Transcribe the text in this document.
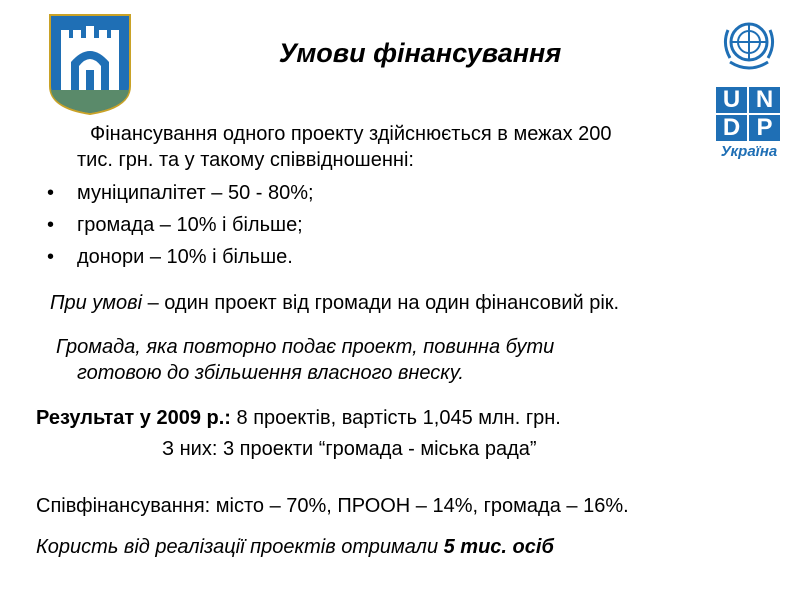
Умови фінансування
U N
D P
Україна
Фінансування одного проекту здійснюється в межах 200
тис. грн. та у такому співвідношенні:
• муніципалітет – 50 - 80%;
• громада – 10% і більше;
• донори – 10% і більше.
При умові – один проект від громади на один фінансовий рік.
Громада, яка повторно подає проект, повинна бути
готовою до збільшення власного внеску.
Результат у 2009 р.: 8 проектів, вартість 1,045 млн. грн.
З них: 3 проекти “громада - міська рада”
Співфінансування: місто – 70%, ПРООН – 14%, громада – 16%.
Користь від реалізації проектів отримали 5 тис. осіб
